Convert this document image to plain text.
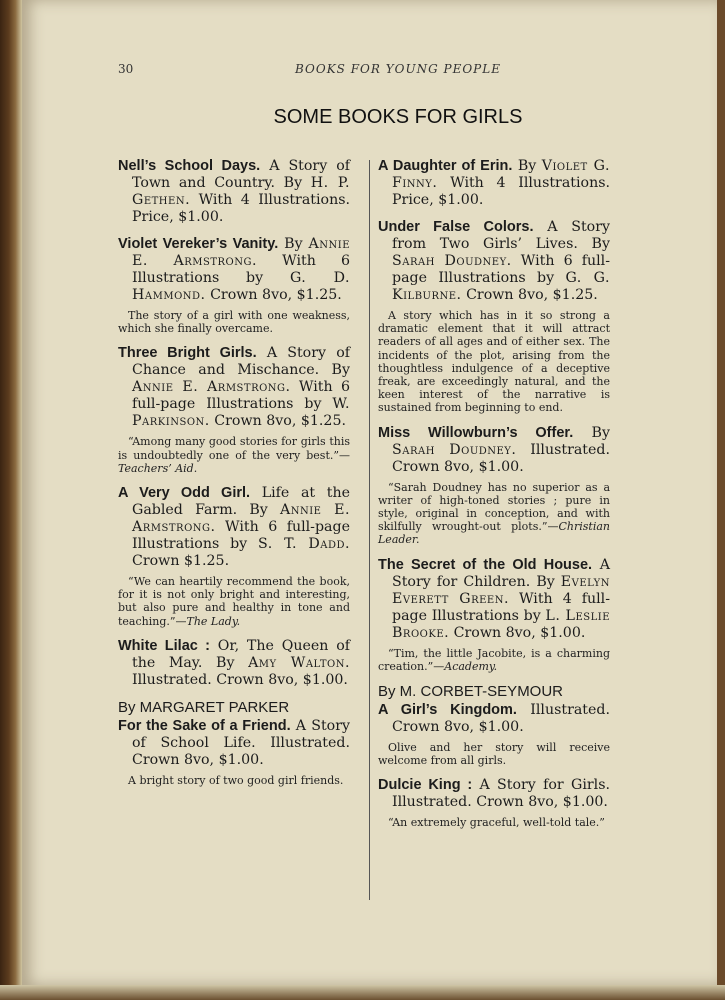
30	BOOKS FOR YOUNG PEOPLE
SOME BOOKS FOR GIRLS

Nell’s School Days. A Story of Town and Country. By H. P. Gethen. With 4 Illustrations. Price, $1.00.

Violet Vereker’s Vanity. By Annie E. Armstrong. With 6 Illustrations by G. D. Hammond. Crown 8vo, $1.25.

The story of a girl with one weakness, which she finally overcame.

Three Bright Girls. A Story of Chance and Mischance. By Annie E. Armstrong. With 6 full-page Illustrations by W. Parkinson. Crown 8vo, $1.25.

“Among many good stories for girls this is undoubtedly one of the very best.”—Teachers’ Aid.

A Very Odd Girl. Life at the Gabled Farm. By Annie E. Armstrong. With 6 full-page Illustrations by S. T. Dadd. Crown $1.25.

“We can heartily recommend the book, for it is not only bright and interesting, but also pure and healthy in tone and teaching.”—The Lady.

White Lilac : Or, The Queen of the May. By Amy Walton. Illustrated. Crown 8vo, $1.00.

By MARGARET PARKER

For the Sake of a Friend. A Story of School Life. Illustrated. Crown 8vo, $1.00.

A bright story of two good girl friends.

A Daughter of Erin. By Violet G. Finny. With 4 Illustrations. Price, $1.00.

Under False Colors. A Story from Two Girls’ Lives. By Sarah Doudney. With 6 full-page Illustrations by G. G. Kilburne. Crown 8vo, $1.25.

A story which has in it so strong a dramatic element that it will attract readers of all ages and of either sex. The incidents of the plot, arising from the thoughtless indulgence of a deceptive freak, are exceedingly natural, and the keen interest of the narrative is sustained from beginning to end.

Miss Willowburn’s Offer. By Sarah Doudney. Illustrated. Crown 8vo, $1.00.

“Sarah Doudney has no superior as a writer of high-toned stories ; pure in style, original in conception, and with skilfully wrought-out plots.”—Christian Leader.

The Secret of the Old House. A Story for Children. By Evelyn Everett Green. With 4 full-page Illustrations by L. Leslie Brooke. Crown 8vo, $1.00.

“Tim, the little Jacobite, is a charming creation.”—Academy.

By M. CORBET-SEYMOUR

A Girl’s Kingdom. Illustrated. Crown 8vo, $1.00.

Olive and her story will receive welcome from all girls.

Dulcie King : A Story for Girls. Illustrated. Crown 8vo, $1.00.

“An extremely graceful, well-told tale.”
